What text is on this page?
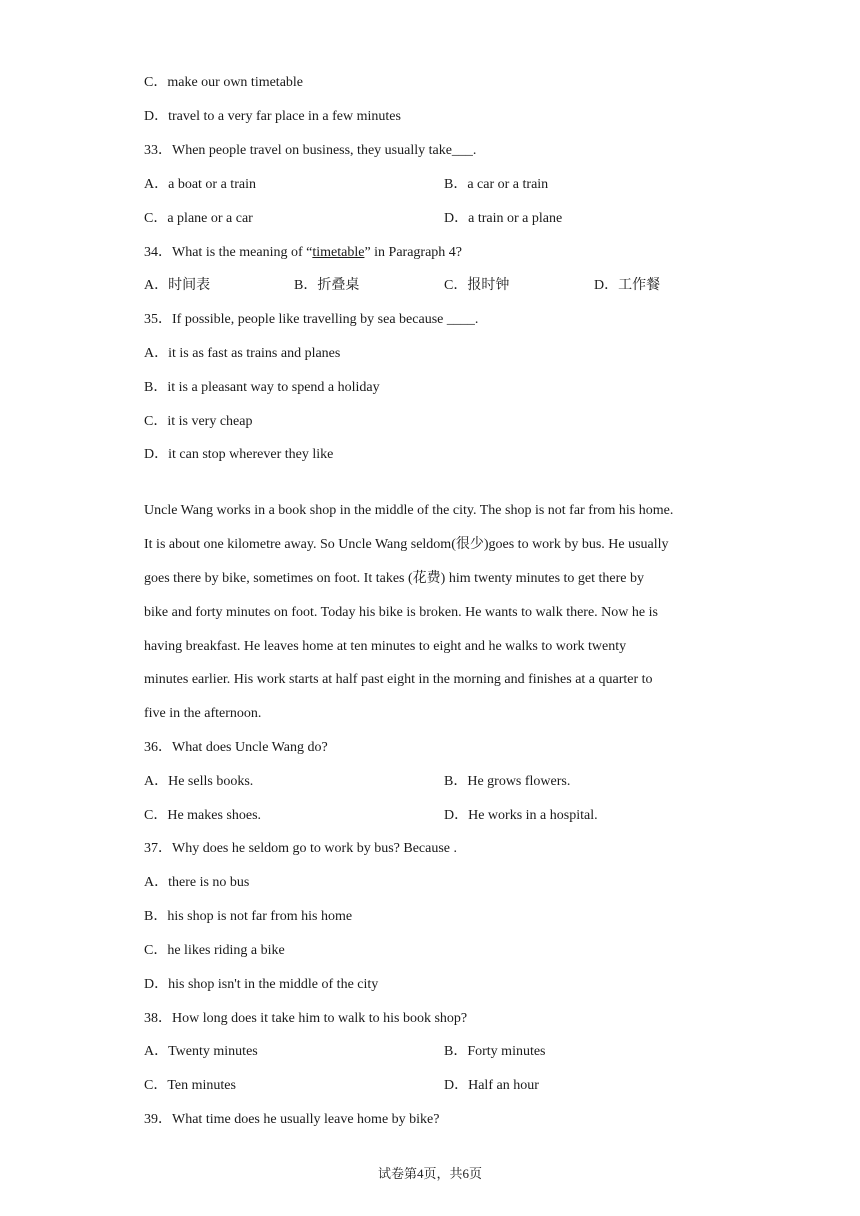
C．make our own timetable
D．travel to a very far place in a few minutes
33．When people travel on business, they usually take___.
A．a boat or a train	B．a car or a train
C．a plane or a car	D．a train or a plane
34．What is the meaning of “timetable” in Paragraph 4?
A．时间表	B．折叠桌	C．报时钟	D．工作餐
35．If possible, people like travelling by sea because ____.
A．it is as fast as trains and planes
B．it is a pleasant way to spend a holiday
C．it is very cheap
D．it can stop wherever they like
Uncle Wang works in a book shop in the middle of the city. The shop is not far from his home.
It is about one kilometre away. So Uncle Wang seldom(很少)goes to work by bus. He usually
goes there by bike, sometimes on foot. It takes (花费) him twenty minutes to get there by
bike and forty minutes on foot. Today his bike is broken. He wants to walk there. Now he is
having breakfast. He leaves home at ten minutes to eight and he walks to work twenty
minutes earlier. His work starts at half past eight in the morning and finishes at a quarter to
five in the afternoon.
36．What does Uncle Wang do?
A．He sells books.	B．He grows flowers.
C．He makes shoes.	D．He works in a hospital.
37．Why does he seldom go to work by bus? Because .
A．there is no bus
B．his shop is not far from his home
C．he likes riding a bike
D．his shop isn't in the middle of the city
38．How long does it take him to walk to his book shop?
A．Twenty minutes	B．Forty minutes
C．Ten minutes	D．Half an hour
39．What time does he usually leave home by bike?
试卷第4页，共6页
